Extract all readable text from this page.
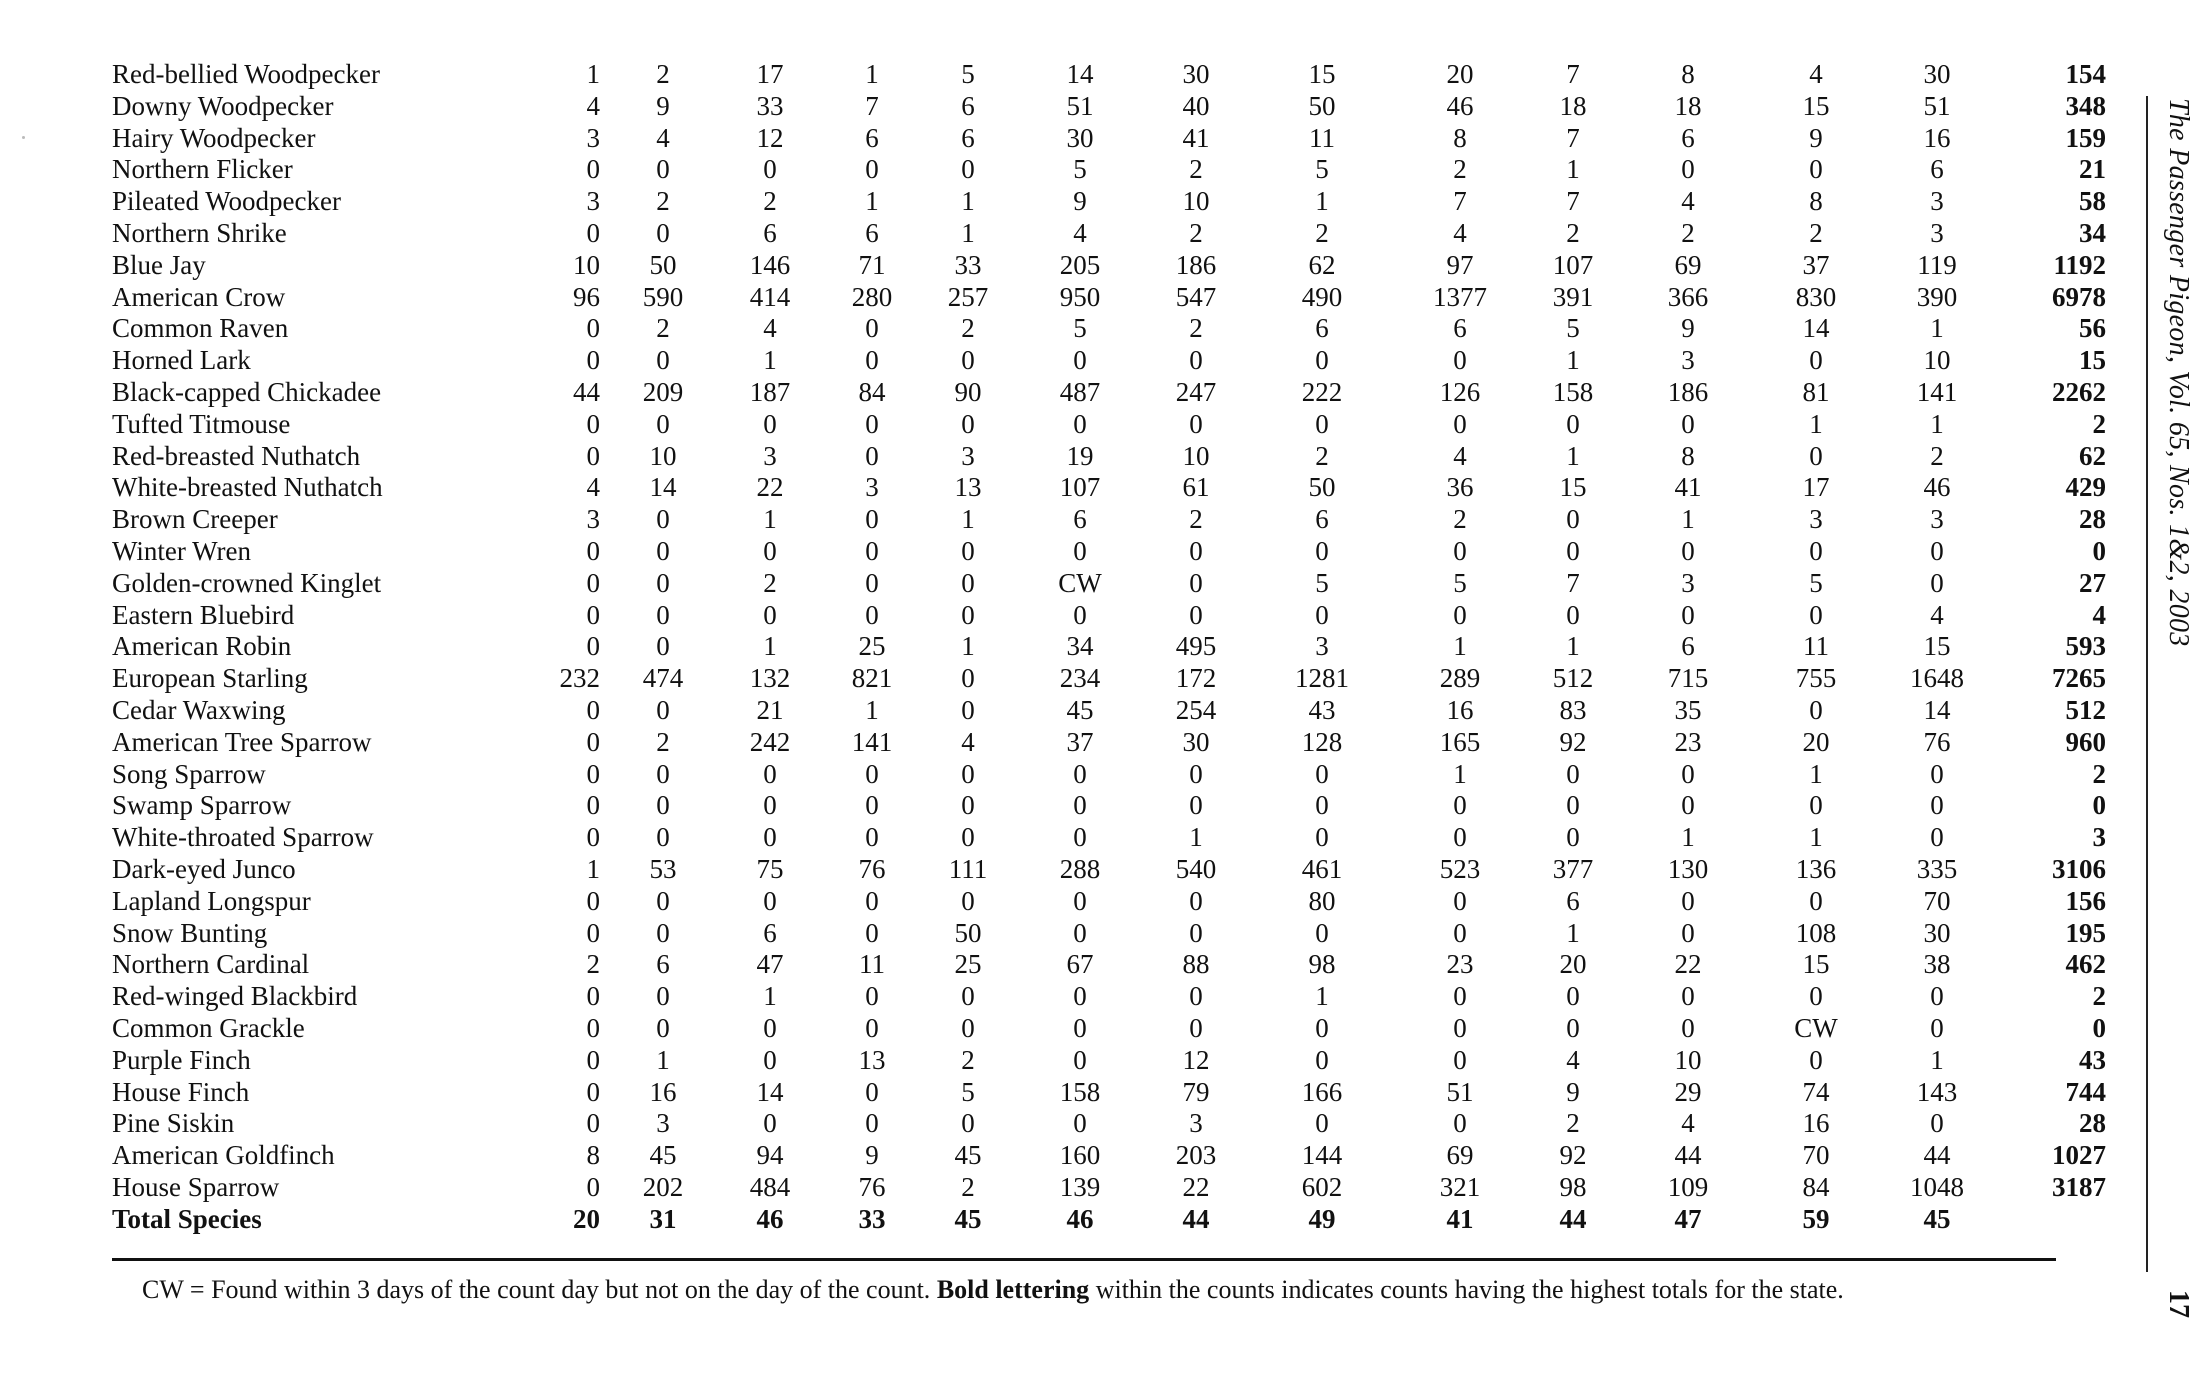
Red-bellied Woodpecker	1	2	17	1	5	14	30	15	20	7	8	4	30	154
Downy Woodpecker	4	9	33	7	6	51	40	50	46	18	18	15	51	348
Hairy Woodpecker	3	4	12	6	6	30	41	11	8	7	6	9	16	159
Northern Flicker	0	0	0	0	0	5	2	5	2	1	0	0	6	21
Pileated Woodpecker	3	2	2	1	1	9	10	1	7	7	4	8	3	58
Northern Shrike	0	0	6	6	1	4	2	2	4	2	2	2	3	34
Blue Jay	10	50	146	71	33	205	186	62	97	107	69	37	119	1192
American Crow	96	590	414	280	257	950	547	490	1377	391	366	830	390	6978
Common Raven	0	2	4	0	2	5	2	6	6	5	9	14	1	56
Horned Lark	0	0	1	0	0	0	0	0	0	1	3	0	10	15
Black-capped Chickadee	44	209	187	84	90	487	247	222	126	158	186	81	141	2262
Tufted Titmouse	0	0	0	0	0	0	0	0	0	0	0	1	1	2
Red-breasted Nuthatch	0	10	3	0	3	19	10	2	4	1	8	0	2	62
White-breasted Nuthatch	4	14	22	3	13	107	61	50	36	15	41	17	46	429
Brown Creeper	3	0	1	0	1	6	2	6	2	0	1	3	3	28
Winter Wren	0	0	0	0	0	0	0	0	0	0	0	0	0	0
Golden-crowned Kinglet	0	0	2	0	0	CW	0	5	5	7	3	5	0	27
Eastern Bluebird	0	0	0	0	0	0	0	0	0	0	0	0	4	4
American Robin	0	0	1	25	1	34	495	3	1	1	6	11	15	593
European Starling	232	474	132	821	0	234	172	1281	289	512	715	755	1648	7265
Cedar Waxwing	0	0	21	1	0	45	254	43	16	83	35	0	14	512
American Tree Sparrow	0	2	242	141	4	37	30	128	165	92	23	20	76	960
Song Sparrow	0	0	0	0	0	0	0	0	1	0	0	1	0	2
Swamp Sparrow	0	0	0	0	0	0	0	0	0	0	0	0	0	0
White-throated Sparrow	0	0	0	0	0	0	1	0	0	0	1	1	0	3
Dark-eyed Junco	1	53	75	76	111	288	540	461	523	377	130	136	335	3106
Lapland Longspur	0	0	0	0	0	0	0	80	0	6	0	0	70	156
Snow Bunting	0	0	6	0	50	0	0	0	0	1	0	108	30	195
Northern Cardinal	2	6	47	11	25	67	88	98	23	20	22	15	38	462
Red-winged Blackbird	0	0	1	0	0	0	0	1	0	0	0	0	0	2
Common Grackle	0	0	0	0	0	0	0	0	0	0	0	CW	0	0
Purple Finch	0	1	0	13	2	0	12	0	0	4	10	0	1	43
House Finch	0	16	14	0	5	158	79	166	51	9	29	74	143	744
Pine Siskin	0	3	0	0	0	0	3	0	0	2	4	16	0	28
American Goldfinch	8	45	94	9	45	160	203	144	69	92	44	70	44	1027
House Sparrow	0	202	484	76	2	139	22	602	321	98	109	84	1048	3187
Total Species	20	31	46	33	45	46	44	49	41	44	47	59	45	
CW = Found within 3 days of the count day but not on the day of the count. Bold lettering within the counts indicates counts having the highest totals for the state.
The Passenger Pigeon, Vol. 65, Nos. 1&2, 2003
17
